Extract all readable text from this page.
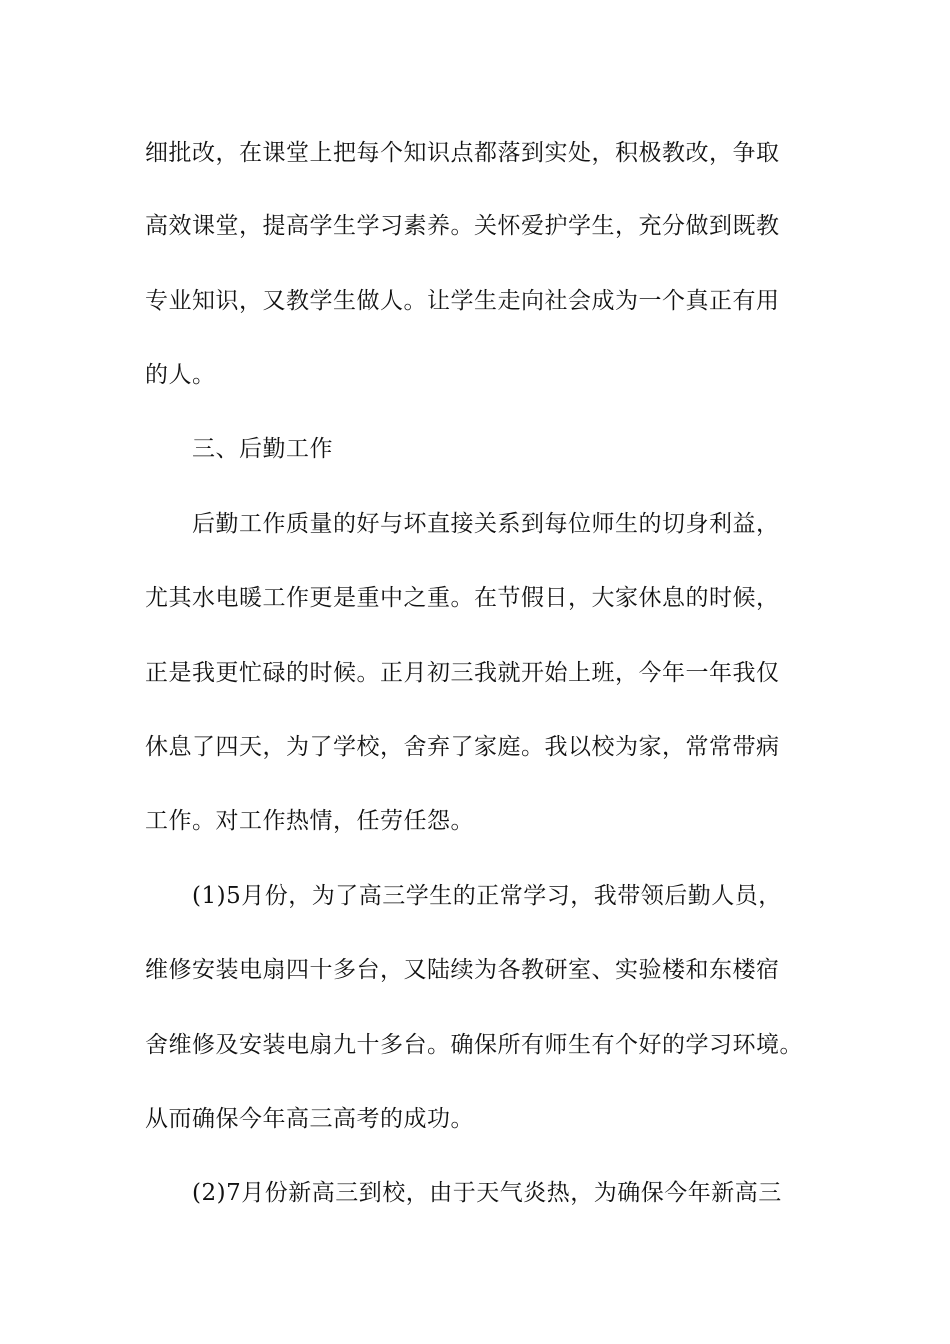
细批改，在课堂上把每个知识点都落到实处，积极教改，争取
高效课堂，提高学生学习素养。关怀爱护学生，充分做到既教
专业知识，又教学生做人。让学生走向社会成为一个真正有用
的人。
三、后勤工作
后勤工作质量的好与坏直接关系到每位师生的切身利益，
尤其水电暖工作更是重中之重。在节假日，大家休息的时候，
正是我更忙碌的时候。正月初三我就开始上班，今年一年我仅
休息了四天，为了学校，舍弃了家庭。我以校为家，常常带病
工作。对工作热情，任劳任怨。
(1)5月份，为了高三学生的正常学习，我带领后勤人员，
维修安装电扇四十多台，又陆续为各教研室、实验楼和东楼宿
舍维修及安装电扇九十多台。确保所有师生有个好的学习环境。
从而确保今年高三高考的成功。
(2)7月份新高三到校，由于天气炎热，为确保今年新高三
